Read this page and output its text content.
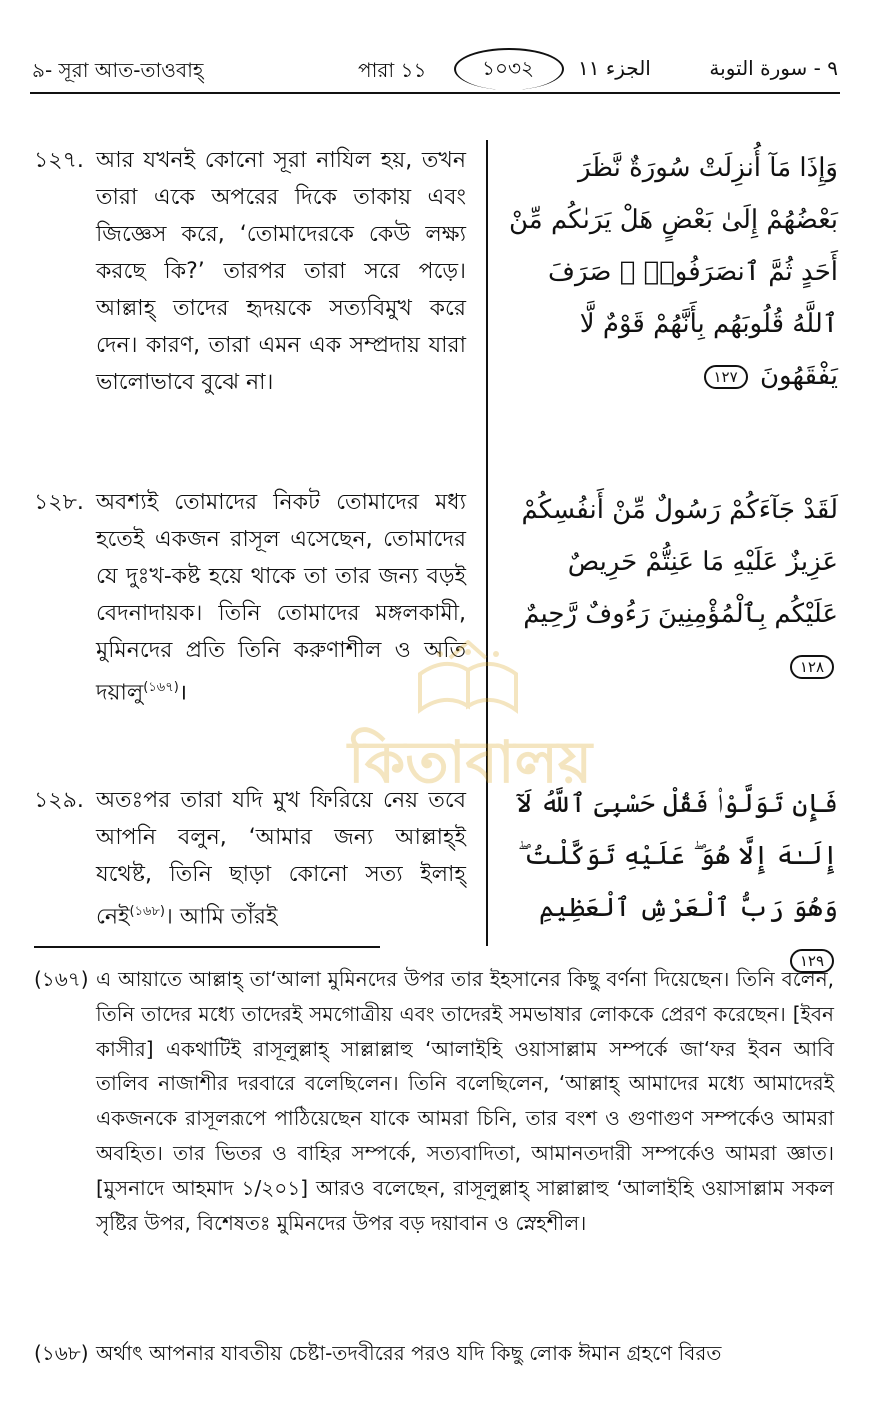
৯- সূরা আত-তাওবাহ্‌	পারা ১১	১০৩২	الجزء ١١	٩ - سورة التوبة
১২৭. আর যখনই কোনো সূরা নাযিল হয়, তখন তারা একে অপরের দিকে তাকায় এবং জিজ্ঞেস করে, ‘তোমাদেরকে কেউ লক্ষ্য করছে কি?’ তারপর তারা সরে পড়ে। আল্লাহ্‌ তাদের হৃদয়কে সত্যবিমুখ করে দেন। কারণ, তারা এমন এক সম্প্রদায় যারা ভালোভাবে বুঝে না।
وَإِذَا مَآ أُنزِلَتْ سُورَةٌ نَّظَرَ بَعْضُهُمْ إِلَىٰ بَعْضٍ هَلْ يَرَىٰكُم مِّنْ أَحَدٍ ثُمَّ ٱنصَرَفُوا۟ ۚ صَرَفَ ٱللَّهُ قُلُوبَهُم بِأَنَّهُمْ قَوْمٌ لَّا يَفْقَهُونَ ١٢٧
১২৮. অবশ্যই তোমাদের নিকট তোমাদের মধ্য হতেই একজন রাসূল এসেছেন, তোমাদের যে দুঃখ-কষ্ট হয়ে থাকে তা তার জন্য বড়ই বেদনাদায়ক। তিনি তোমাদের মঙ্গলকামী, মুমিনদের প্রতি তিনি করুণাশীল ও অতি দয়ালু$^{(১৬৭)}$।
لَقَدْ جَآءَكُمْ رَسُولٌ مِّنْ أَنفُسِكُمْ عَزِيزٌ عَلَيْهِ مَا عَنِتُّمْ حَرِيصٌ عَلَيْكُم بِٱلْمُؤْمِنِينَ رَءُوفٌ رَّحِيمٌ ١٢٨
১২৯. অতঃপর তারা যদি মুখ ফিরিয়ে নেয় তবে আপনি বলুন, ‘আমার জন্য আল্লাহ্‌ই যথেষ্ট, তিনি ছাড়া কোনো সত্য ইলাহ্‌ নেই$^{(১৬৮)}$। আমি তাঁরই
فَإِن تَوَلَّوْا۟ فَقُلْ حَسْبِىَ ٱللَّهُ لَآ إِلَـٰهَ إِلَّا هُوَ ۖ عَلَيْهِ تَوَكَّلْتُ ۖ وَهُوَ رَبُّ ٱلْعَرْشِ ٱلْعَظِيمِ ١٢٩
কিতাবালয়
(১৬৭) এ আয়াতে আল্লাহ্‌ তা‘আলা মুমিনদের উপর তার ইহসানের কিছু বর্ণনা দিয়েছেন। তিনি বলেন, তিনি তাদের মধ্যে তাদেরই সমগোত্রীয় এবং তাদেরই সমভাষার লোককে প্রেরণ করেছেন। [ইবন কাসীর] একথাটিই রাসূলুল্লাহ্‌ সাল্লাল্লাহু ‘আলাইহি ওয়াসাল্লাম সম্পর্কে জা‘ফর ইবন আবি তালিব নাজাশীর দরবারে বলেছিলেন। তিনি বলেছিলেন, ‘আল্লাহ্‌ আমাদের মধ্যে আমাদেরই একজনকে রাসূলরূপে পাঠিয়েছেন যাকে আমরা চিনি, তার বংশ ও গুণাগুণ সম্পর্কেও আমরা অবহিত। তার ভিতর ও বাহির সম্পর্কে, সত্যবাদিতা, আমানতদারী সম্পর্কেও আমরা জ্ঞাত। [মুসনাদে আহমাদ ১/২০১] আরও বলেছেন, রাসূলুল্লাহ্‌ সাল্লাল্লাহু ‘আলাইহি ওয়াসাল্লাম সকল সৃষ্টির উপর, বিশেষতঃ মুমিনদের উপর বড় দয়াবান ও স্নেহশীল।
(১৬৮) অর্থাৎ আপনার যাবতীয় চেষ্টা-তদবীরের পরও যদি কিছু লোক ঈমান গ্রহণে বিরত
